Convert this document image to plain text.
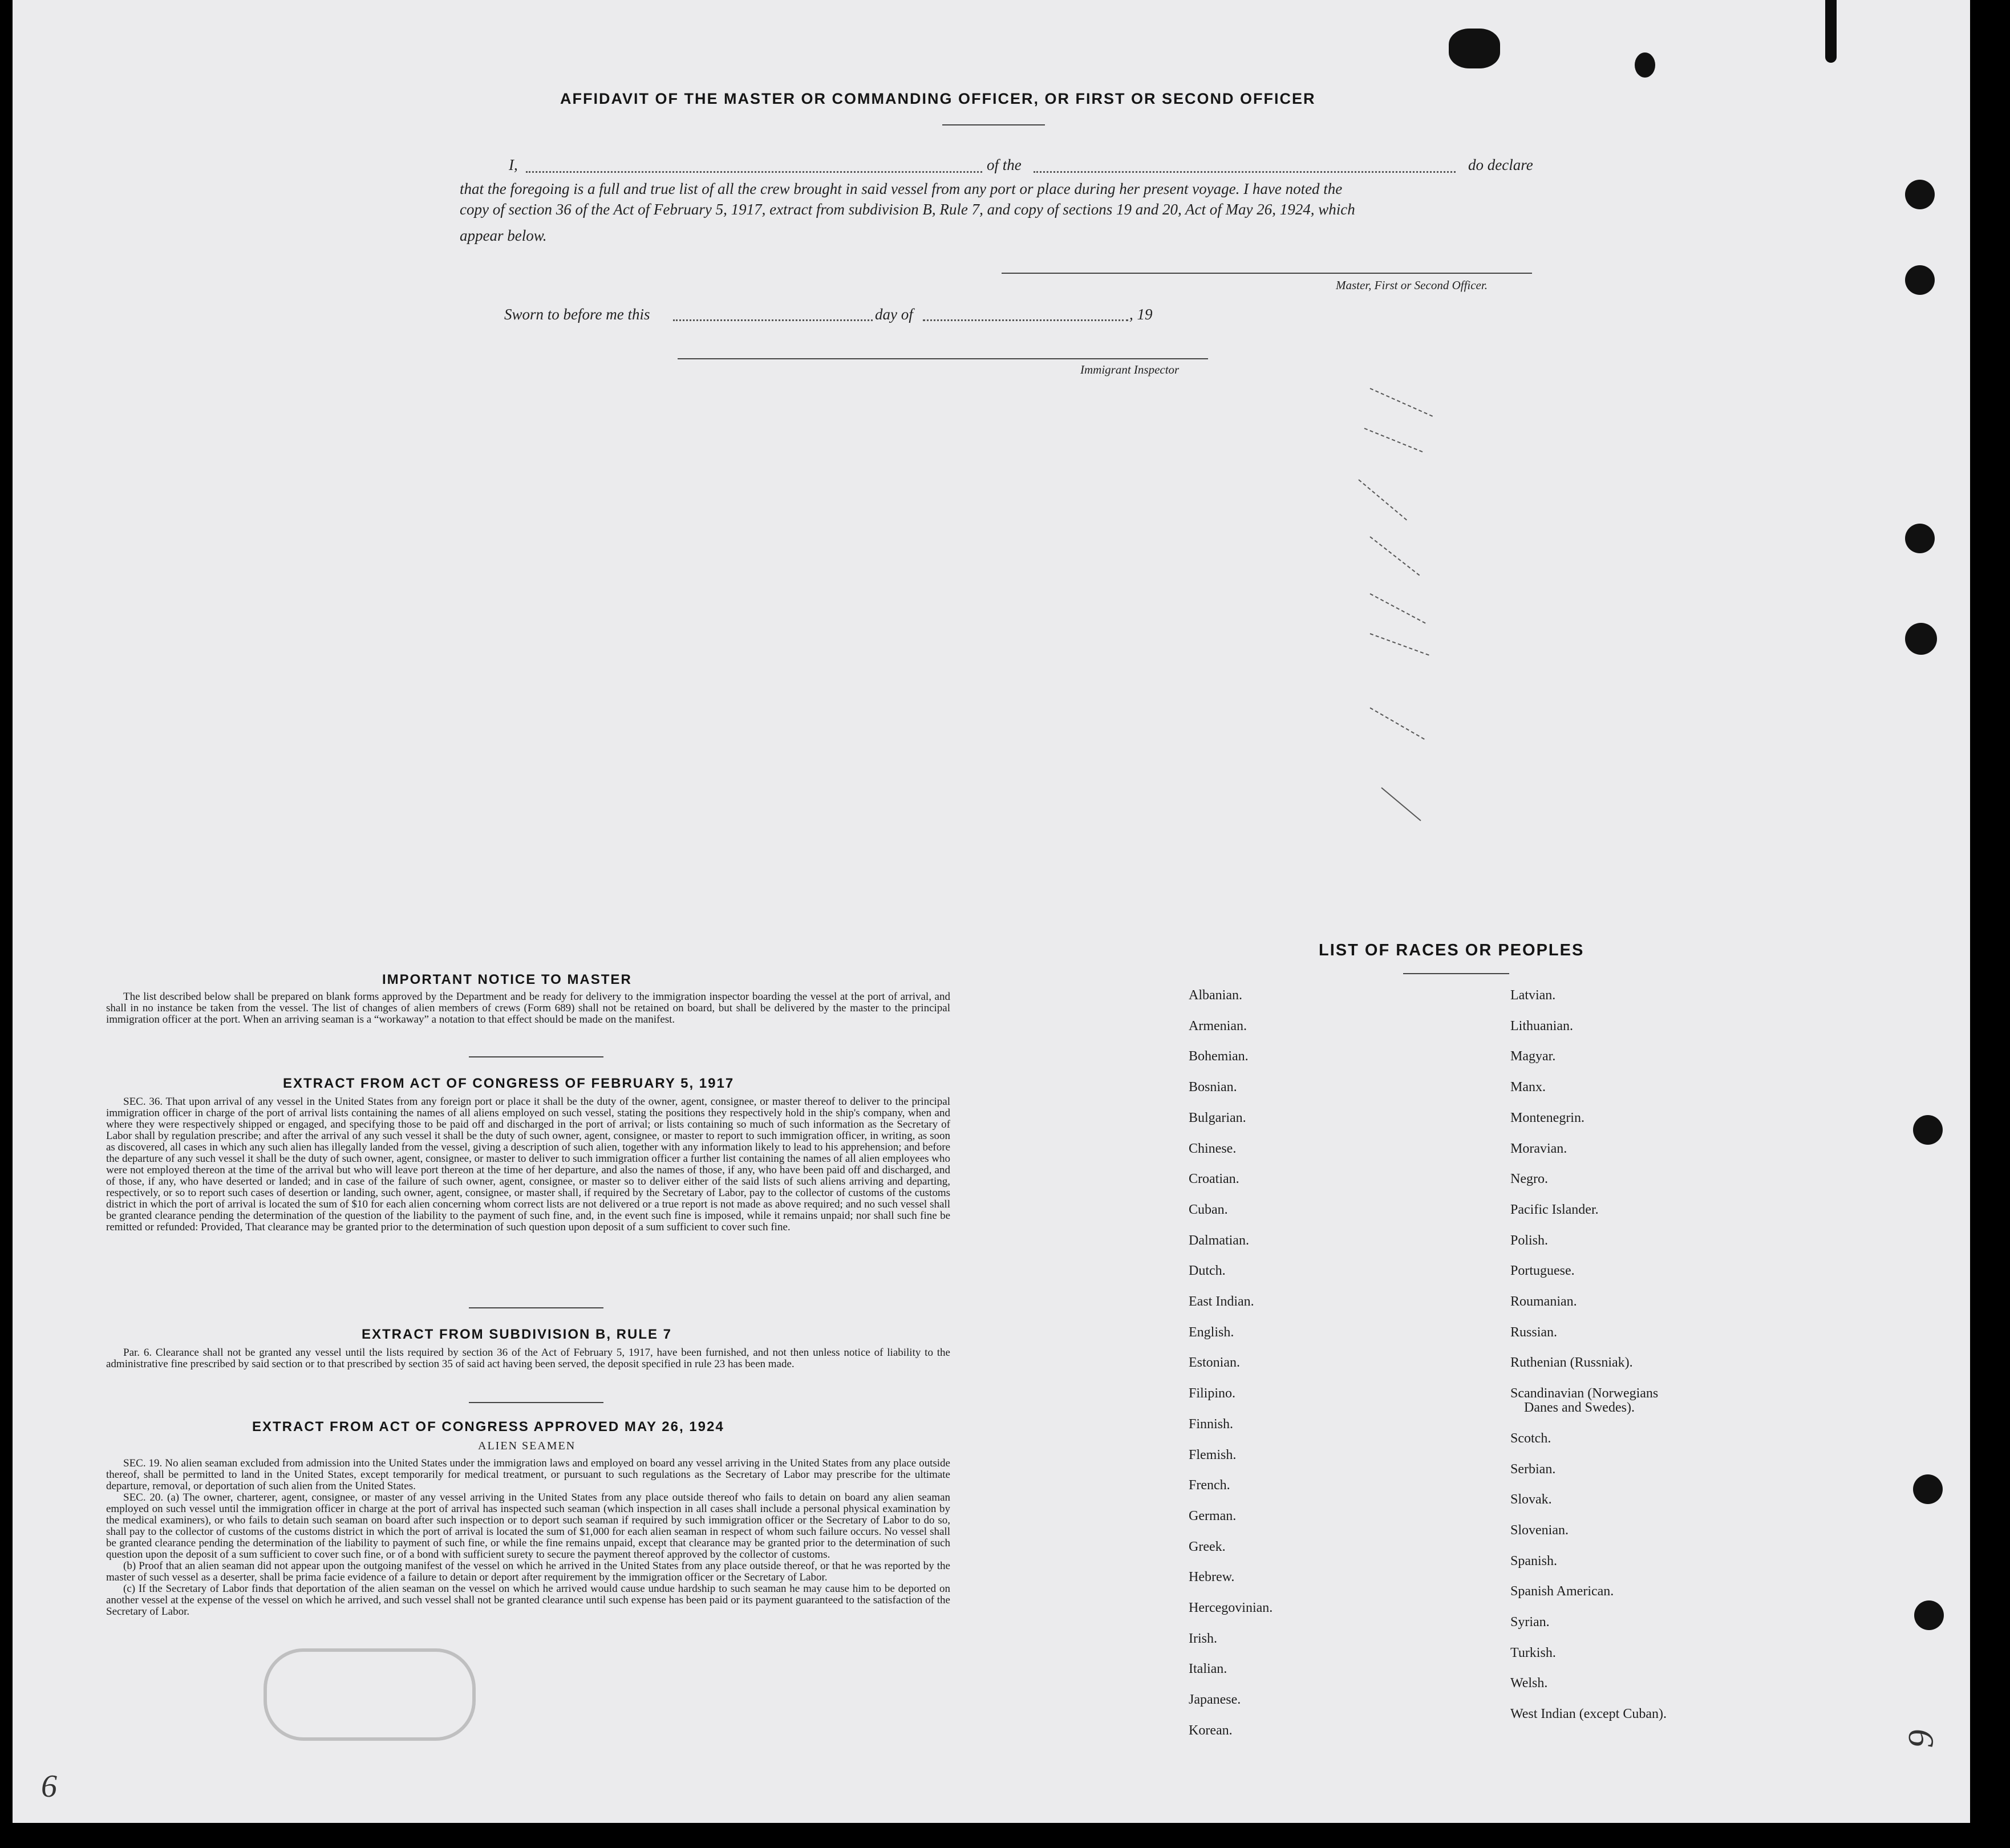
AFFIDAVIT OF THE MASTER OR COMMANDING OFFICER, OR FIRST OR SECOND OFFICER
I,	of the	do declare
that the foregoing is a full and true list of all the crew brought in said vessel from any port or place during her present voyage. I have noted the
copy of section 36 of the Act of February 5, 1917, extract from subdivision B, Rule 7, and copy of sections 19 and 20, Act of May 26, 1924, which
appear below.
Master, First or Second Officer.
Sworn to before me this	day of	, 19
Immigrant Inspector
IMPORTANT NOTICE TO MASTER

The list described below shall be prepared on blank forms approved by the Department and be ready for delivery to the immigration inspector boarding the vessel at the port of arrival, and shall in no instance be taken from the vessel. The list of changes of alien members of crews (Form 689) shall not be retained on board, but shall be delivered by the master to the principal immigration officer at the port. When an arriving seaman is a “workaway” a notation to that effect should be made on the manifest.

EXTRACT FROM ACT OF CONGRESS OF FEBRUARY 5, 1917

SEC. 36. That upon arrival of any vessel in the United States from any foreign port or place it shall be the duty of the owner, agent, consignee, or master thereof to deliver to the principal immigration officer in charge of the port of arrival lists containing the names of all aliens employed on such vessel, stating the positions they respectively hold in the ship's company, when and where they were respectively shipped or engaged, and specifying those to be paid off and discharged in the port of arrival; or lists containing so much of such information as the Secretary of Labor shall by regulation prescribe; and after the arrival of any such vessel it shall be the duty of such owner, agent, consignee, or master to report to such immigration officer, in writing, as soon as discovered, all cases in which any such alien has illegally landed from the vessel, giving a description of such alien, together with any information likely to lead to his apprehension; and before the departure of any such vessel it shall be the duty of such owner, agent, consignee, or master to deliver to such immigration officer a further list containing the names of all alien employees who were not employed thereon at the time of the arrival but who will leave port thereon at the time of her departure, and also the names of those, if any, who have been paid off and discharged, and of those, if any, who have deserted or landed; and in case of the failure of such owner, agent, consignee, or master so to deliver either of the said lists of such aliens arriving and departing, respectively, or so to report such cases of desertion or landing, such owner, agent, consignee, or master shall, if required by the Secretary of Labor, pay to the collector of customs of the customs district in which the port of arrival is located the sum of $10 for each alien concerning whom correct lists are not delivered or a true report is not made as above required; and no such vessel shall be granted clearance pending the determination of the question of the liability to the payment of such fine, and, in the event such fine is imposed, while it remains unpaid; nor shall such fine be remitted or refunded: Provided, That clearance may be granted prior to the determination of such question upon deposit of a sum sufficient to cover such fine.

EXTRACT FROM SUBDIVISION B, RULE 7

Par. 6. Clearance shall not be granted any vessel until the lists required by section 36 of the Act of February 5, 1917, have been furnished, and not then unless notice of liability to the administrative fine prescribed by said section or to that prescribed by section 35 of said act having been served, the deposit specified in rule 23 has been made.

EXTRACT FROM ACT OF CONGRESS APPROVED MAY 26, 1924
ALIEN SEAMEN

SEC. 19. No alien seaman excluded from admission into the United States under the immigration laws and employed on board any vessel arriving in the United States from any place outside thereof, shall be permitted to land in the United States, except temporarily for medical treatment, or pursuant to such regulations as the Secretary of Labor may prescribe for the ultimate departure, removal, or deportation of such alien from the United States.

SEC. 20. (a) The owner, charterer, agent, consignee, or master of any vessel arriving in the United States from any place outside thereof who fails to detain on board any alien seaman employed on such vessel until the immigration officer in charge at the port of arrival has inspected such seaman (which inspection in all cases shall include a personal physical examination by the medical examiners), or who fails to detain such seaman on board after such inspection or to deport such seaman if required by such immigration officer or the Secretary of Labor to do so, shall pay to the collector of customs of the customs district in which the port of arrival is located the sum of $1,000 for each alien seaman in respect of whom such failure occurs. No vessel shall be granted clearance pending the determination of the liability to payment of such fine, or while the fine remains unpaid, except that clearance may be granted prior to the determination of such question upon the deposit of a sum sufficient to cover such fine, or of a bond with sufficient surety to secure the payment thereof approved by the collector of customs.

(b) Proof that an alien seaman did not appear upon the outgoing manifest of the vessel on which he arrived in the United States from any place outside thereof, or that he was reported by the master of such vessel as a deserter, shall be prima facie evidence of a failure to detain or deport after requirement by the immigration officer or the Secretary of Labor.

(c) If the Secretary of Labor finds that deportation of the alien seaman on the vessel on which he arrived would cause undue hardship to such seaman he may cause him to be deported on another vessel at the expense of the vessel on which he arrived, and such vessel shall not be granted clearance until such expense has been paid or its payment guaranteed to the satisfaction of the Secretary of Labor.

LIST OF RACES OR PEOPLES
6
6
Albanian.
Armenian.
Bohemian.
Bosnian.
Bulgarian.
Chinese.
Croatian.
Cuban.
Dalmatian.
Dutch.
East Indian.
English.
Estonian.
Filipino.
Finnish.
Flemish.
French.
German.
Greek.
Hebrew.
Hercegovinian.
Irish.
Italian.
Japanese.
Korean.
Latvian.
Lithuanian.
Magyar.
Manx.
Montenegrin.
Moravian.
Negro.
Pacific Islander.
Polish.
Portuguese.
Roumanian.
Russian.
Ruthenian (Russniak).
Scandinavian (Norwegians
Danes and Swedes).
Scotch.
Serbian.
Slovak.
Slovenian.
Spanish.
Spanish American.
Syrian.
Turkish.
Welsh.
West Indian (except Cuban).
